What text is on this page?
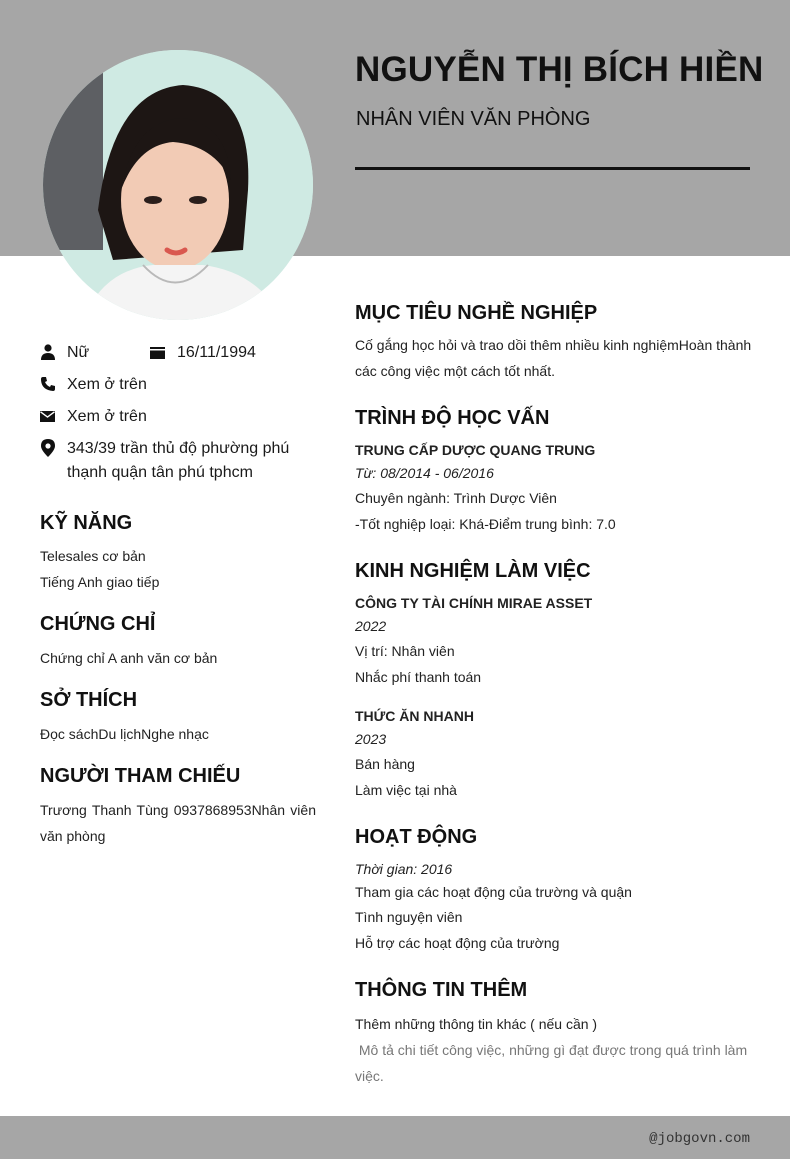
NGUYỄN THỊ BÍCH HIỀN
NHÂN VIÊN VĂN PHÒNG
Nữ	16/11/1994
Xem ở trên
Xem ở trên
343/39 trần thủ độ phường phú
thạnh quận tân phú tphcm
KỸ NĂNG
Telesales cơ bản
Tiếng Anh giao tiếp
CHỨNG CHỈ
Chứng chỉ A anh văn cơ bản
SỞ THÍCH
Đọc sáchDu lịchNghe nhạc
NGƯỜI THAM CHIẾU
Trương Thanh Tùng 0937868953Nhân viên văn phòng
MỤC TIÊU NGHỀ NGHIỆP
Cố gắng học hỏi và trao dồi thêm nhiều kinh nghiệmHoàn thành các công việc một cách tốt nhất.
TRÌNH ĐỘ HỌC VẤN
TRUNG CẤP DƯỢC QUANG TRUNG
Từ: 08/2014 - 06/2016
Chuyên ngành: Trình Dược Viên
-Tốt nghiệp loại: Khá-Điểm trung bình: 7.0
KINH NGHIỆM LÀM VIỆC
CÔNG TY TÀI CHÍNH MIRAE ASSET
2022
Vị trí: Nhân viên
Nhắc phí thanh toán
THỨC ĂN NHANH
2023
Bán hàng
Làm việc tại nhà
HOẠT ĐỘNG
Thời gian: 2016
Tham gia các hoạt động của trường và quận
Tình nguyện viên
Hỗ trợ các hoạt động của trường
THÔNG TIN THÊM
Thêm những thông tin khác ( nếu cần )
Mô tả chi tiết công việc, những gì đạt được trong quá trình làm việc.
@jobgovn.com
